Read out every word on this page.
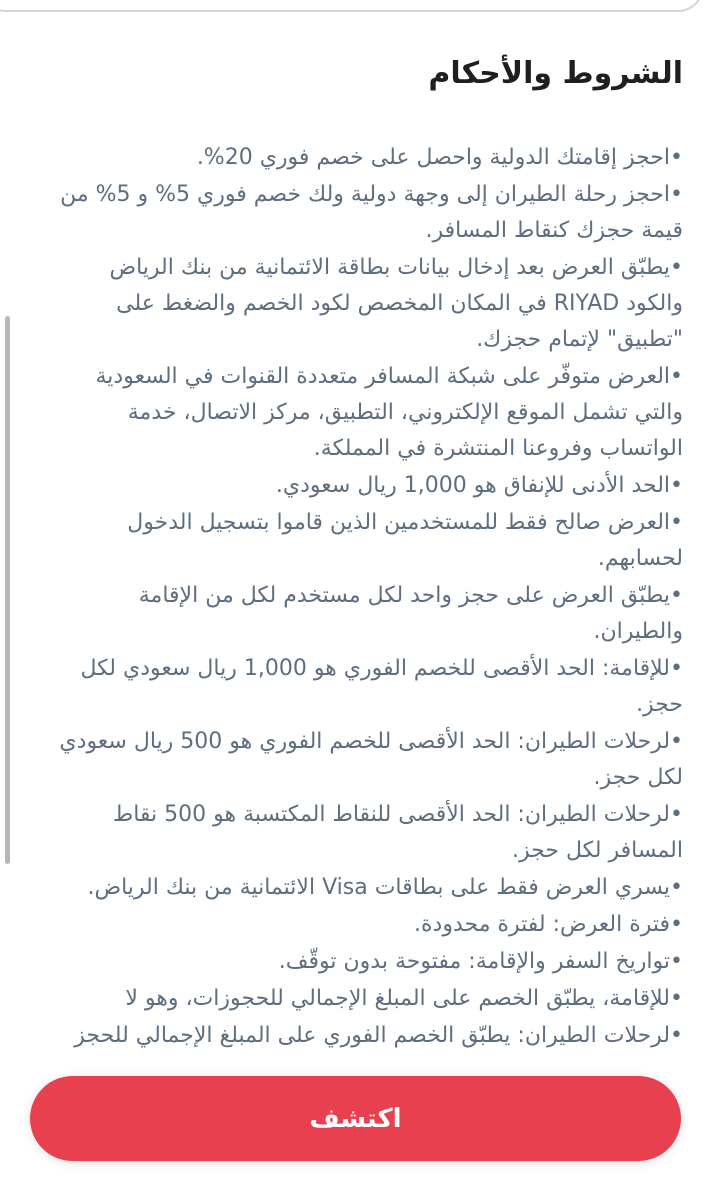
الشروط والأحكام
•احجز إقامتك الدولية واحصل على خصم فوري 20%.
•احجز رحلة الطيران إلى وجهة دولية ولك خصم فوري 5% و 5% من قيمة حجزك كنقاط المسافر.
•يطبّق العرض بعد إدخال بيانات بطاقة الائتمانية من بنك الرياض والكود RIYAD في المكان المخصص لكود الخصم والضغط على "تطبيق" لإتمام حجزك.
•العرض متوفّر على شبكة المسافر متعددة القنوات في السعودية والتي تشمل الموقع الإلكتروني، التطبيق، مركز الاتصال، خدمة الواتساب وفروعنا المنتشرة في المملكة.
•الحد الأدنى للإنفاق هو 1,000 ريال سعودي.
•العرض صالح فقط للمستخدمين الذين قاموا بتسجيل الدخول لحسابهم.
•يطبّق العرض على حجز واحد لكل مستخدم لكل من الإقامة والطيران.
•للإقامة: الحد الأقصى للخصم الفوري هو 1,000 ريال سعودي لكل حجز.
•لرحلات الطيران: الحد الأقصى للخصم الفوري هو 500 ريال سعودي لكل حجز.
•لرحلات الطيران: الحد الأقصى للنقاط المكتسبة هو 500 نقاط المسافر لكل حجز.
•يسري العرض فقط على بطاقات Visa الائتمانية من بنك الرياض.
•فترة العرض: لفترة محدودة.
•تواريخ السفر والإقامة: مفتوحة بدون توقّف.
•للإقامة، يطبّق الخصم على المبلغ الإجمالي للحجوزات، وهو لا
•لرحلات الطيران: يطبّق الخصم الفوري على المبلغ الإجمالي للحجز
اكتشف
